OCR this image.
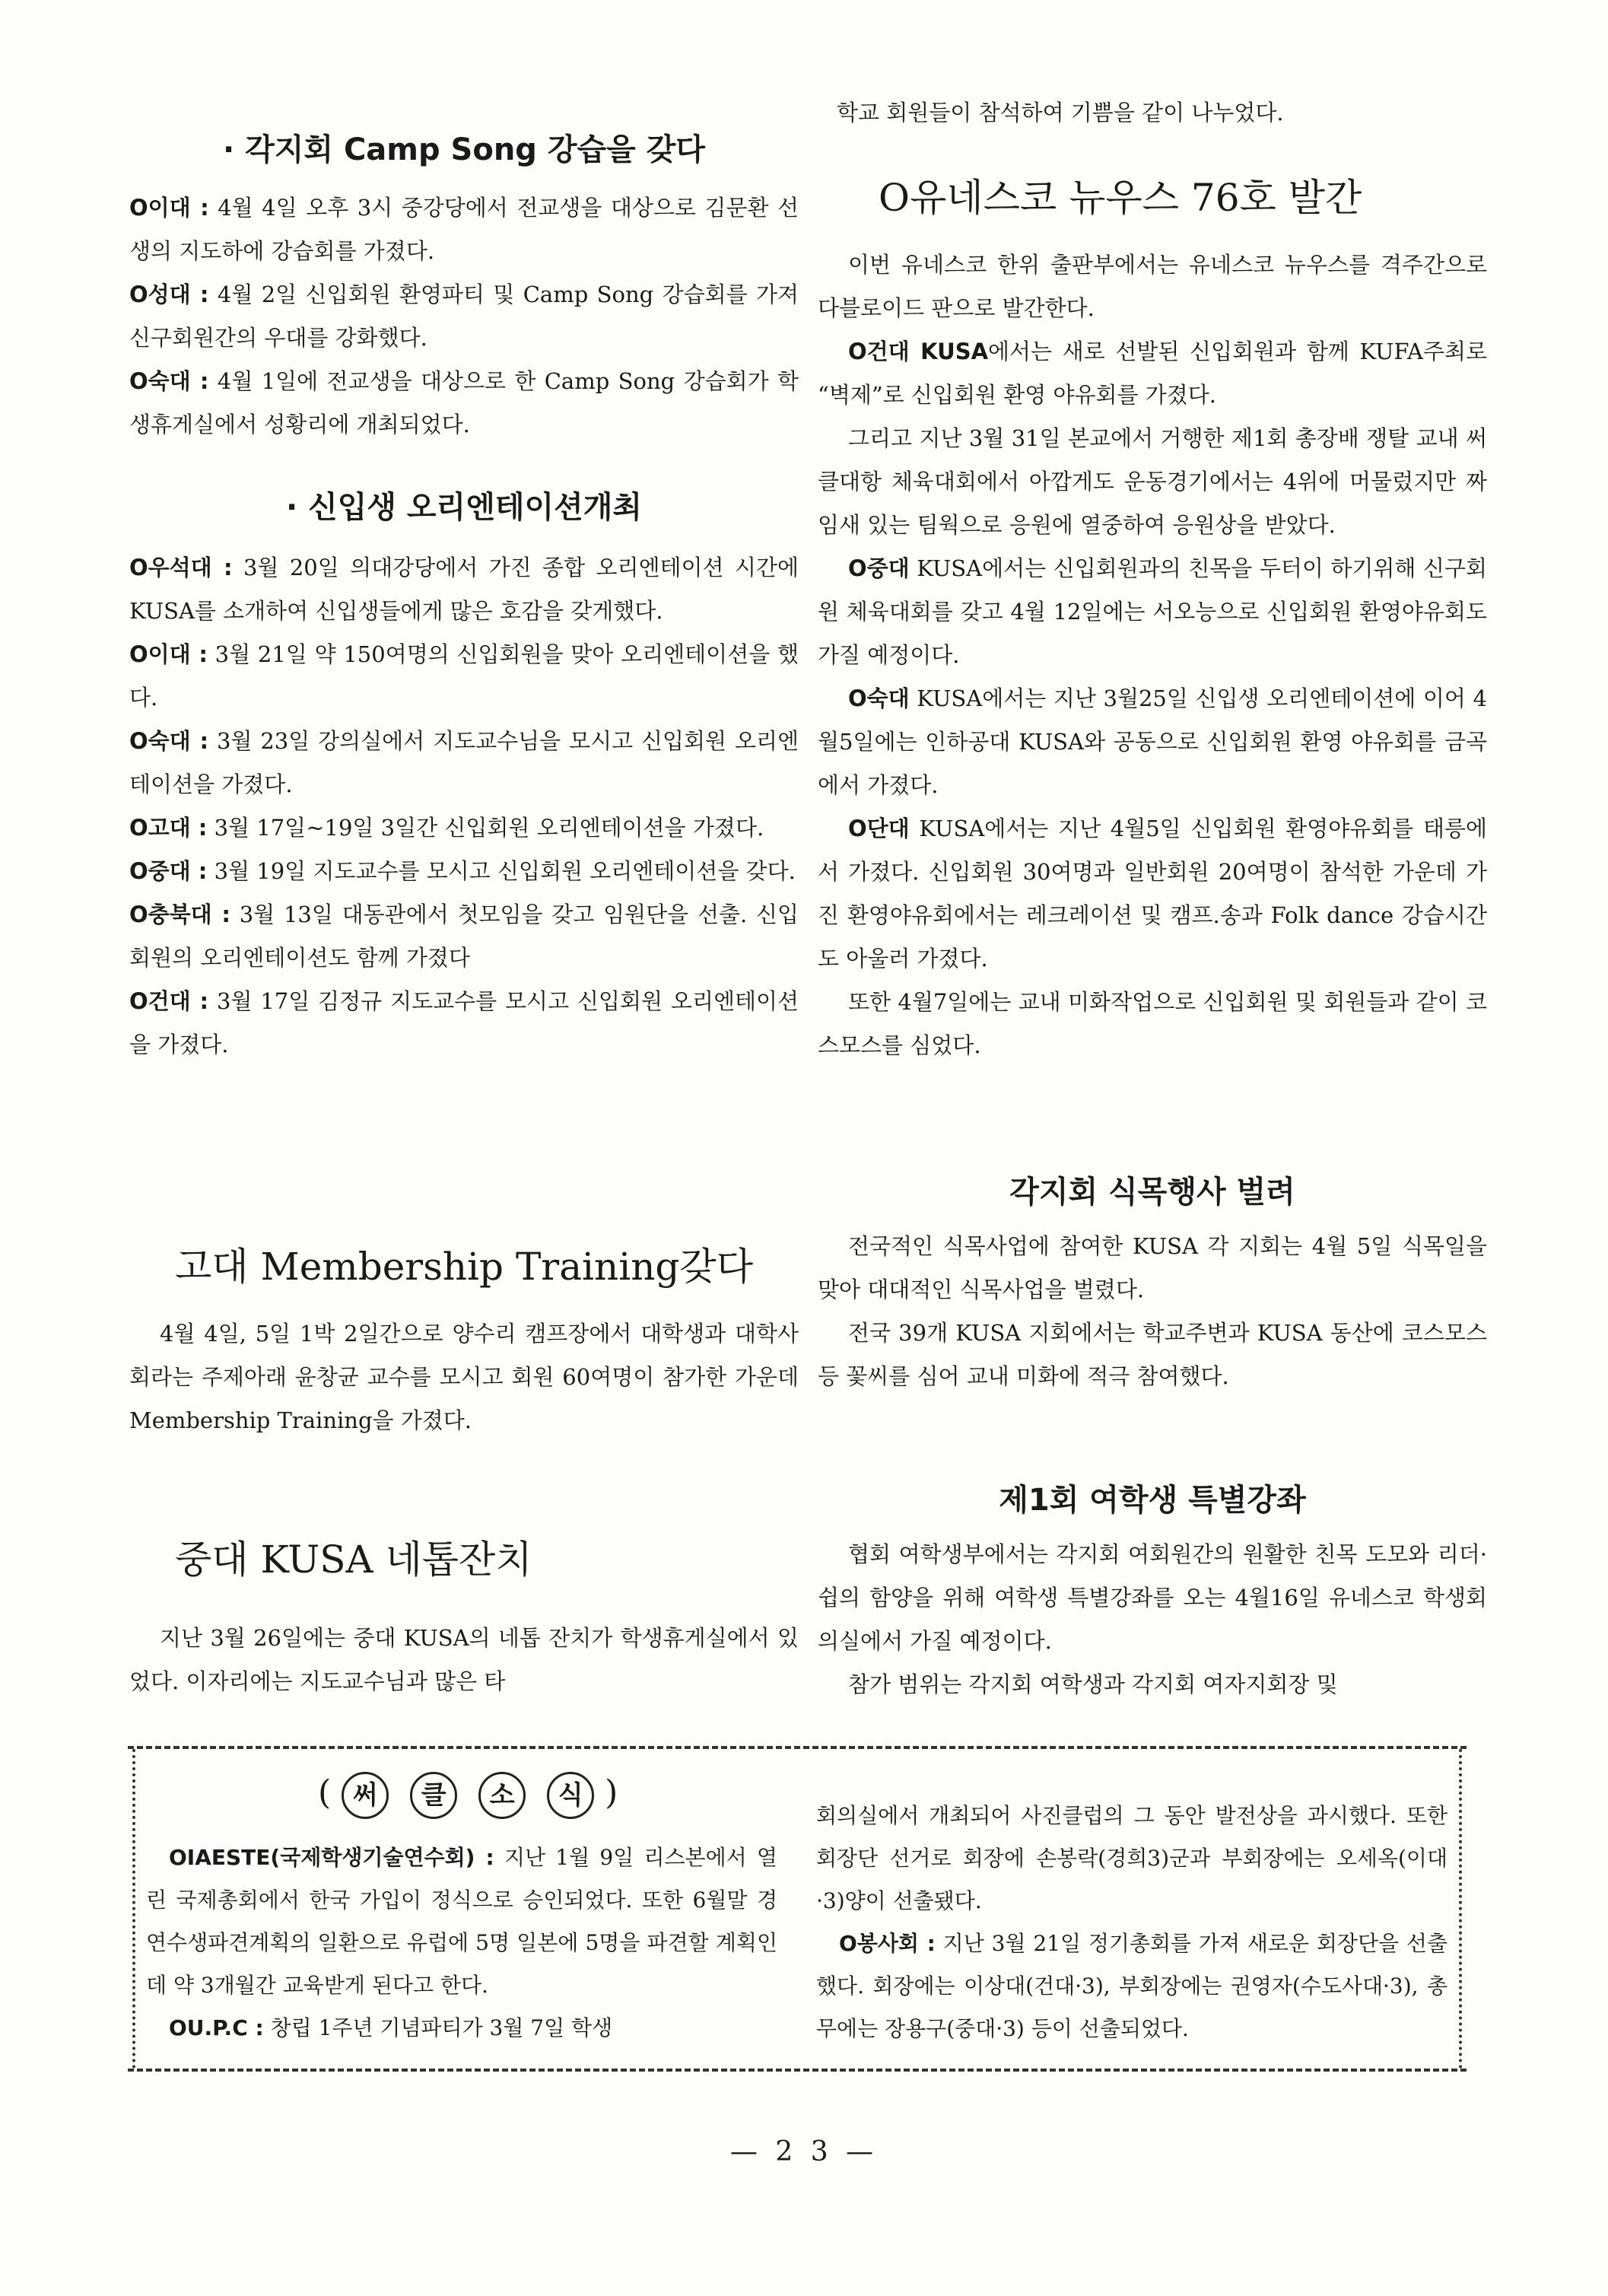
· 각지회 Camp Song 강습을 갖다

O이대 : 4월 4일 오후 3시 중강당에서 전교생을 대상으로 김문환 선생의 지도하에 강습회를 가졌다.

O성대 : 4월 2일 신입회원 환영파티 및 Camp Song 강습회를 가져 신구회원간의 우대를 강화했다.

O숙대 : 4월 1일에 전교생을 대상으로 한 Camp Song 강습회가 학생휴게실에서 성황리에 개최되었다.

· 신입생 오리엔테이션개최

O우석대 : 3월 20일 의대강당에서 가진 종합 오리엔테이션 시간에 KUSA를 소개하여 신입생들에게 많은 호감을 갖게했다.

O이대 : 3월 21일 약 150여명의 신입회원을 맞아 오리엔테이션을 했다.

O숙대 : 3월 23일 강의실에서 지도교수님을 모시고 신입회원 오리엔테이션을 가졌다.

O고대 : 3월 17일~19일 3일간 신입회원 오리엔테이션을 가졌다.

O중대 : 3월 19일 지도교수를 모시고 신입회원 오리엔테이션을 갖다.

O충북대 : 3월 13일 대동관에서 첫모임을 갖고 임원단을 선출. 신입회원의 오리엔테이션도 함께 가졌다

O건대 : 3월 17일 김정규 지도교수를 모시고 신입회원 오리엔테이션을 가졌다.

고대 Membership Training갖다

4월 4일, 5일 1박 2일간으로 양수리 캠프장에서 대학생과 대학사회라는 주제아래 윤창균 교수를 모시고 회원 60여명이 참가한 가운데 Membership Training을 가졌다.

중대 KUSA 네톱잔치

지난 3월 26일에는 중대 KUSA의 네톱 잔치가 학생휴게실에서 있었다. 이자리에는 지도교수님과 많은 타

학교 회원들이 참석하여 기쁨을 같이 나누었다.

O유네스코 뉴우스 76호 발간

이번 유네스코 한위 출판부에서는 유네스코 뉴우스를 격주간으로 다블로이드 판으로 발간한다.

O건대 KUSA에서는 새로 선발된 신입회원과 함께 KUFA주최로 “벽제”로 신입회원 환영 야유회를 가졌다.

그리고 지난 3월 31일 본교에서 거행한 제1회 총장배 쟁탈 교내 써클대항 체육대회에서 아깝게도 운동경기에서는 4위에 머물렀지만 짜임새 있는 팀웍으로 응원에 열중하여 응원상을 받았다.

O중대 KUSA에서는 신입회원과의 친목을 두터이 하기위해 신구회원 체육대회를 갖고 4월 12일에는 서오능으로 신입회원 환영야유회도 가질 예정이다.

O숙대 KUSA에서는 지난 3월25일 신입생 오리엔테이션에 이어 4월5일에는 인하공대 KUSA와 공동으로 신입회원 환영 야유회를 금곡에서 가졌다.

O단대 KUSA에서는 지난 4월5일 신입회원 환영야유회를 태릉에서 가졌다. 신입회원 30여명과 일반회원 20여명이 참석한 가운데 가진 환영야유회에서는 레크레이션 및 캠프.송과 Folk dance 강습시간도 아울러 가졌다.

또한 4월7일에는 교내 미화작업으로 신입회원 및 회원들과 같이 코스모스를 심었다.

각지회 식목행사 벌려

전국적인 식목사업에 참여한 KUSA 각 지회는 4월 5일 식목일을 맞아 대대적인 식목사업을 벌렸다.

전국 39개 KUSA 지회에서는 학교주변과 KUSA 동산에 코스모스등 꽃씨를 심어 교내 미화에 적극 참여했다.

제1회 여학생 특별강좌

협회 여학생부에서는 각지회 여회원간의 원활한 친목 도모와 리더·쉽의 함양을 위해 여학생 특별강좌를 오는 4월16일 유네스코 학생회의실에서 가질 예정이다.

참가 범위는 각지회 여학생과 각지회 여자지회장 및

( 써 클 소 식 )

OIAESTE(국제학생기술연수회) : 지난 1월 9일 리스본에서 열린 국제총회에서 한국 가입이 정식으로 승인되었다. 또한 6월말 경 연수생파견계획의 일환으로 유럽에 5명 일본에 5명을 파견할 계획인데 약 3개월간 교육받게 된다고 한다.

OU.P.C : 창립 1주년 기념파티가 3월 7일 학생

회의실에서 개최되어 사진클럽의 그 동안 발전상을 과시했다. 또한 회장단 선거로 회장에 손봉락(경희3)군과 부회장에는 오세옥(이대·3)양이 선출됐다.

O봉사회 : 지난 3월 21일 정기총회를 가져 새로운 회장단을 선출했다. 회장에는 이상대(건대·3), 부회장에는 권영자(수도사대·3), 총무에는 장용구(중대·3) 등이 선출되었다.

— 2 3 —
